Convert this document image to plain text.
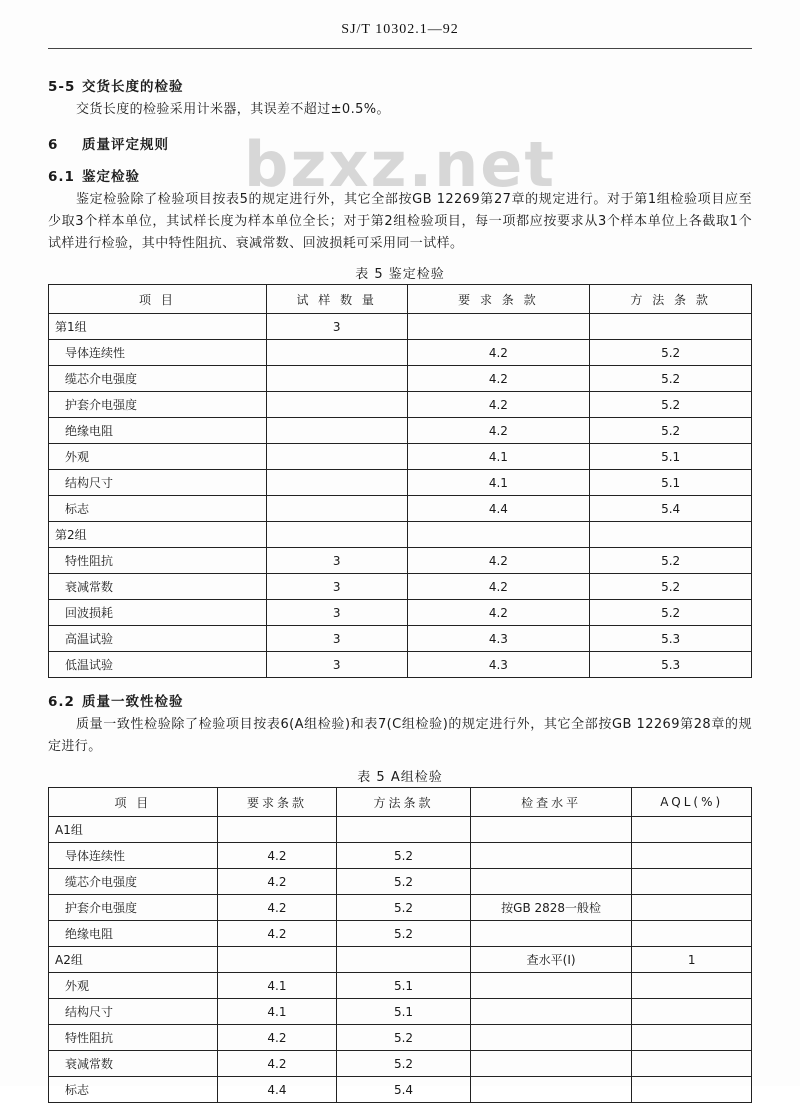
SJ/T 10302.1—92
bzxz.net
5-5 交货长度的检验

交货长度的检验采用计米器，其误差不超过±0.5%。

6 质量评定规则
6.1 鉴定检验

鉴定检验除了检验项目按表5的规定进行外，其它全部按GB 12269第27章的规定进行。对于第1组检验项目应至少取3个样本单位，其试样长度为样本单位全长；对于第2组检验项目，每一项都应按要求从3个样本单位上各截取1个试样进行检验，其中特性阻抗、衰减常数、回波损耗可采用同一试样。

表 5 鉴定检验
项 目	试 样 数 量	要 求 条 款	方 法 条 款
第1组	3		
导体连续性		4.2	5.2
缆芯介电强度		4.2	5.2
护套介电强度		4.2	5.2
绝缘电阻		4.2	5.2
外观		4.1	5.1
结构尺寸		4.1	5.1
标志		4.4	5.4
第2组			
特性阻抗	3	4.2	5.2
衰减常数	3	4.2	5.2
回波损耗	3	4.2	5.2
高温试验	3	4.3	5.3
低温试验	3	4.3	5.3
6.2 质量一致性检验

质量一致性检验除了检验项目按表6(A组检验)和表7(C组检验)的规定进行外，其它全部按GB 12269第28章的规定进行。

表 5 A组检验
项 目	要求条款	方法条款	检查水平	AQL(%)
A1组				
导体连续性	4.2	5.2		
缆芯介电强度	4.2	5.2		
护套介电强度	4.2	5.2	按GB 2828一般检	
绝缘电阻	4.2	5.2		
A2组			查水平(Ⅰ)	1
外观	4.1	5.1		
结构尺寸	4.1	5.1		
特性阻抗	4.2	5.2		
衰减常数	4.2	5.2		
标志	4.4	5.4		
